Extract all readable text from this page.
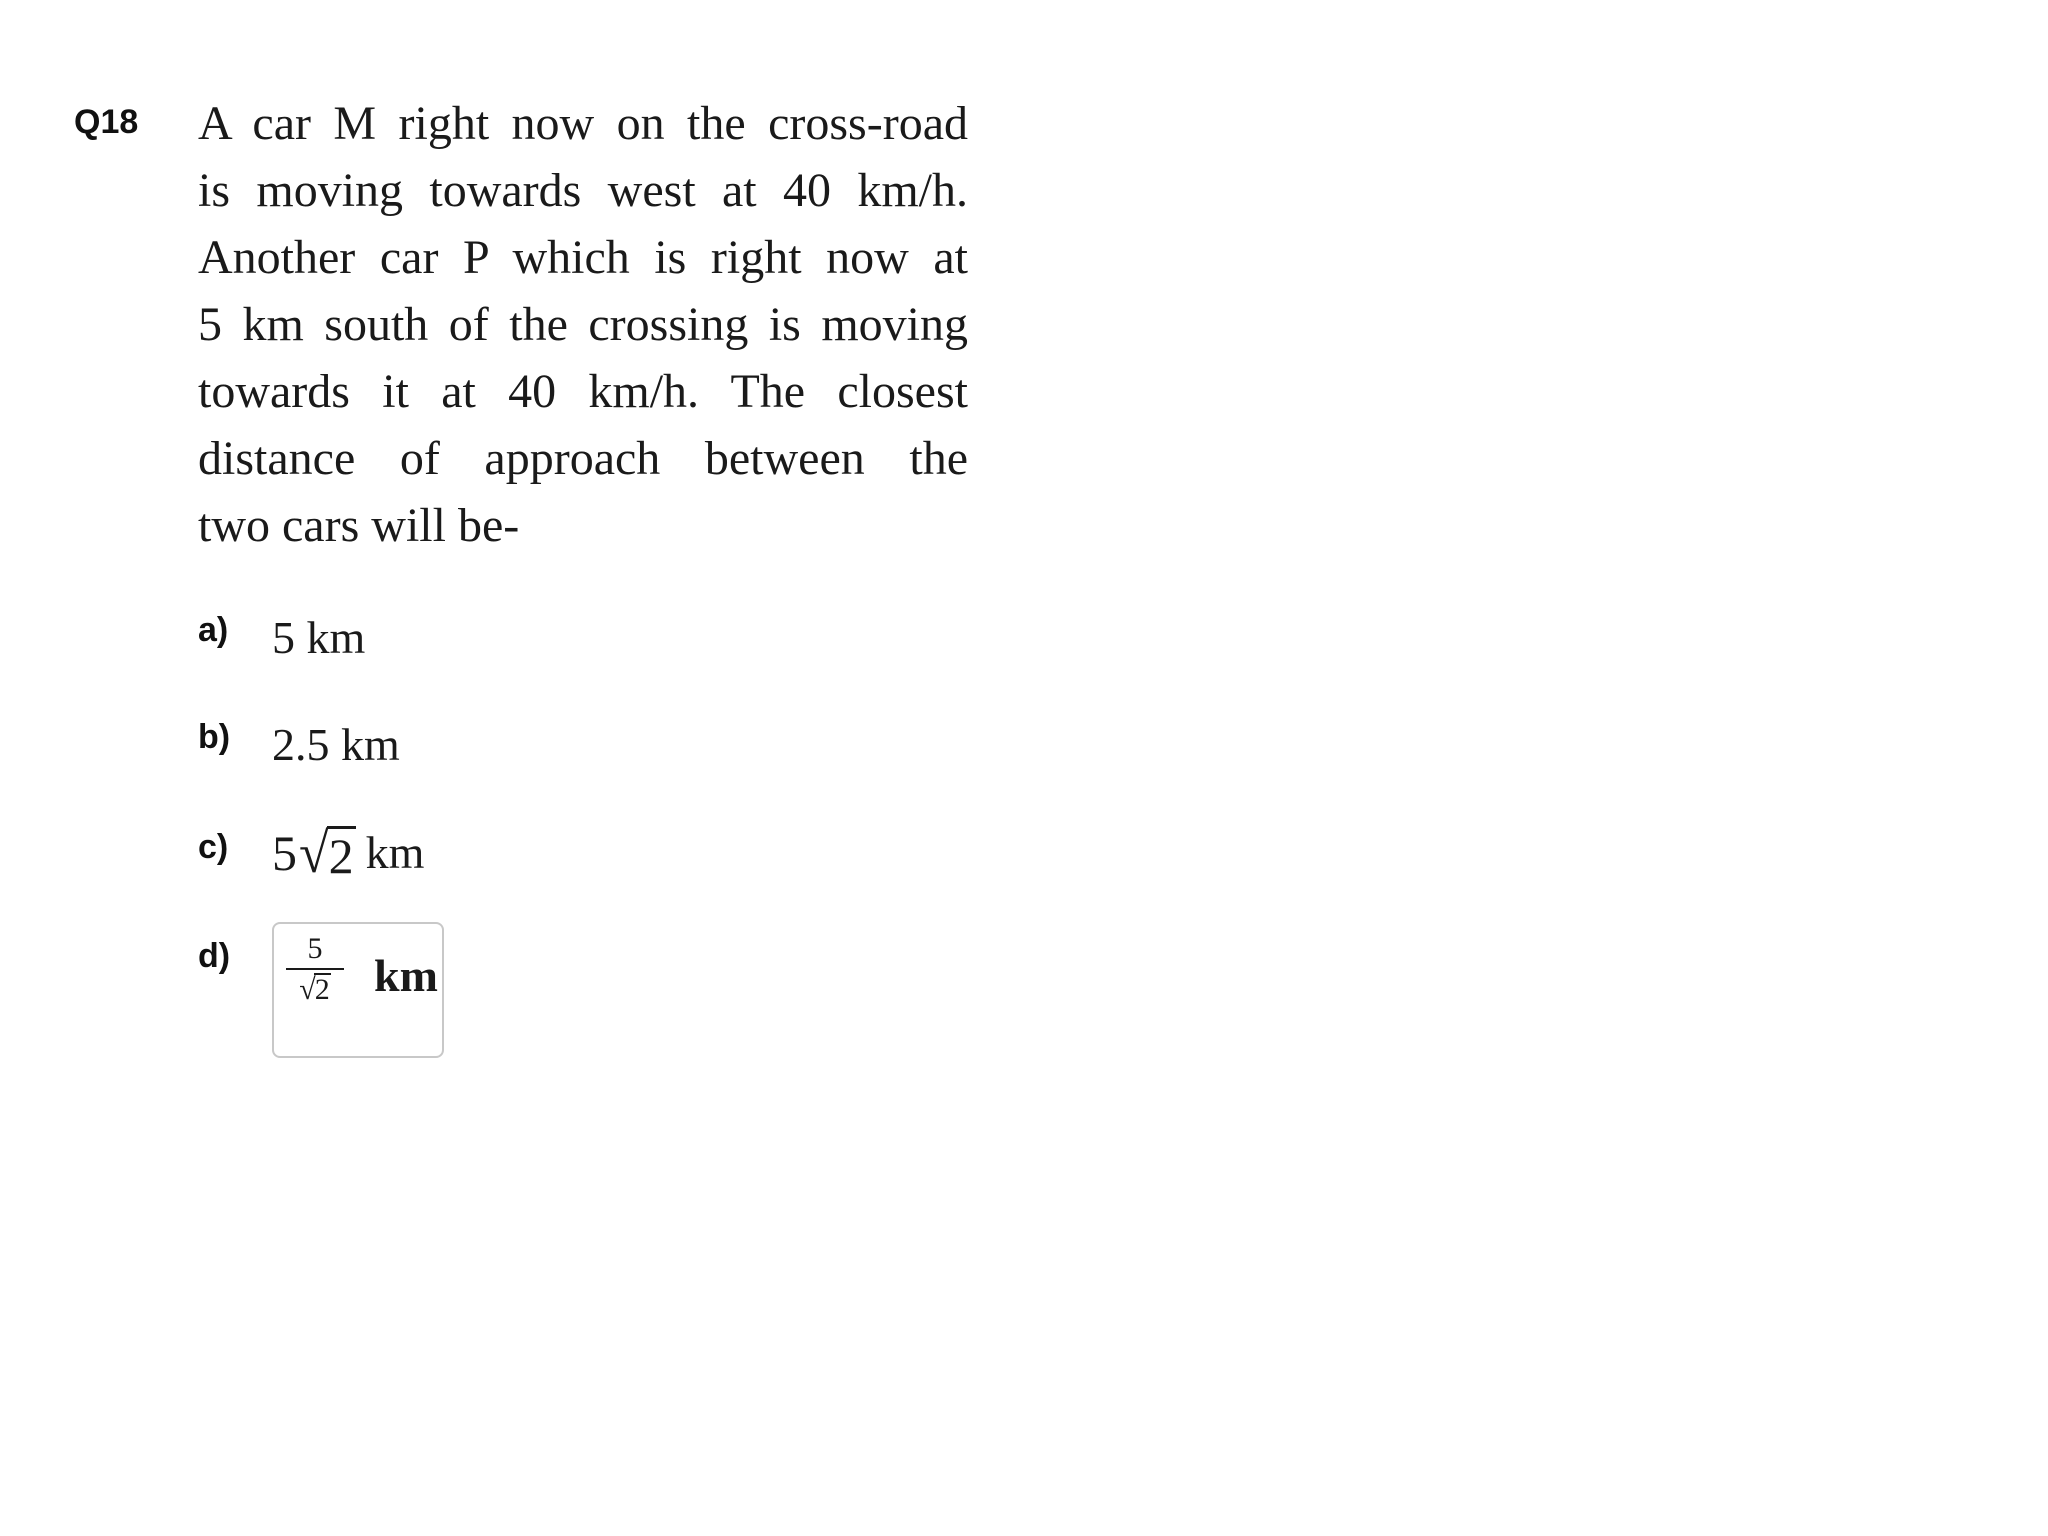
Q18 A car M right now on the cross-road
is moving towards west at 40 km/h.
Another car P which is right now at
5 km south of the crossing is moving
towards it at 40 km/h. The closest
distance of approach between the
two cars will be-
a) 5 km
b) 2.5 km
c) 5 √ 2 km
d)	$\frac{5}{√2}$ km
